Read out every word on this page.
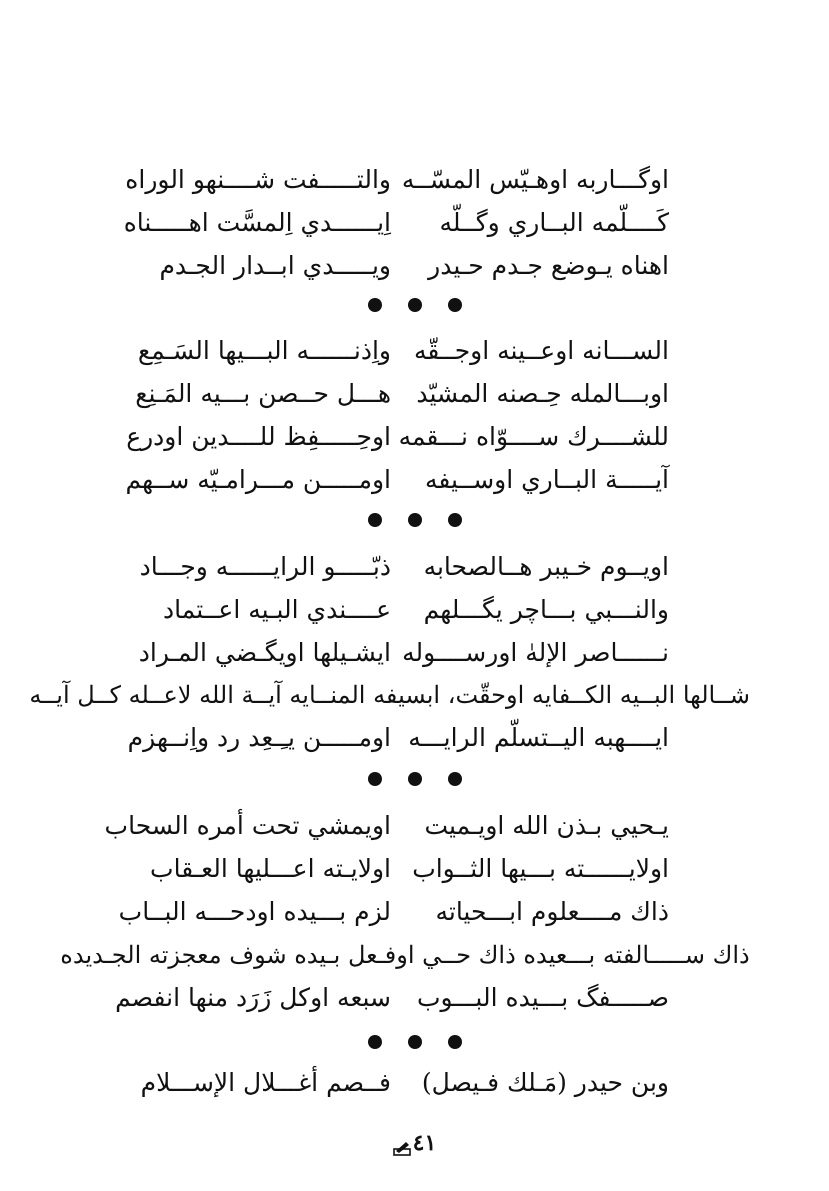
اوگـــاربه اوهـيّس المسّــه
والتـــــفت شــــنهو الوراه
كَــــلّمه البــاري وگــلّه
اِيــــــدي اِلمسَّت اهـــــناه
اهناه يـوضع جـدم حـيدر
ويـــــدي ابــدار الجـدم
الســـانه اوعــينه اوجــقّه
واِذنــــــه البـــيها السَـمِع
اوبـــالمله حِـصنه المشيّد
هـــل حــصن بـــيه المَـنِع
للشــــرك ســــوّاه نـــقمه
اوحِـــــفِظ للــــدين اودرع
آيـــــة البــاري اوســيفه
اومـــــن مـــرامـيّه ســهم
اويــوم خـيبر هــالصحابه
ذبّـــــو الرايــــــه وجـــاد
والنـــبي بـــاچر يگـــلهم
عــــندي البـيه اعــتماد
نــــــاصر الإلهٰ اورســــوله
ايشـيلها اويگـضي المـراد
شــالها البــيه الكــفايه اوحقّت، ابسيفه المنــايه آيــة الله لاعــله كــل آيــه
ايــــهبه اليــتسلّم الرايـــه
اومـــــن يـِـعِد رد واِنــهزم
يـحيي بـذن الله اويـميت
اويمشي تحت أمره السحاب
اولايــــــته بـــيها الثــواب
اولايـته اعـــليها العـقاب
ذاك مــــعلوم ابـــحياته
لزم بـــيده اودحـــه البــاب
ذاك ســـــالفته بـــعيده ذاك حــي اوفـعل بـيده شوف معجزته الجـديده
صـــــفگ بـــيده البـــوب
سبعه اوكل زَرَد منها انفصم
وبن حيدر (مَـلك فـيصل)
فــصم أغـــلال الإســـلام
٤١
